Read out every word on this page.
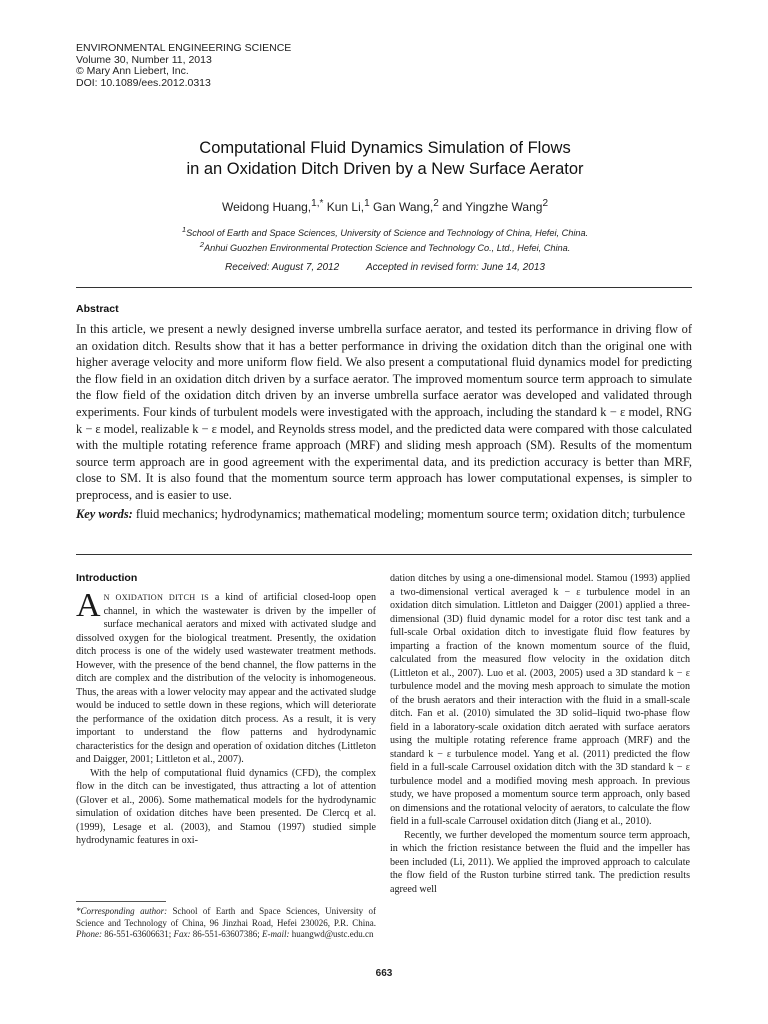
ENVIRONMENTAL ENGINEERING SCIENCE
Volume 30, Number 11, 2013
© Mary Ann Liebert, Inc.
DOI: 10.1089/ees.2012.0313
Computational Fluid Dynamics Simulation of Flows
in an Oxidation Ditch Driven by a New Surface Aerator
Weidong Huang,$^{1,*}$ Kun Li,$^1$ Gan Wang,$^2$ and Yingzhe Wang$^2$
$^1$School of Earth and Space Sciences, University of Science and Technology of China, Hefei, China.
$^2$Anhui Guozhen Environmental Protection Science and Technology Co., Ltd., Hefei, China.
Received: August 7, 2012	Accepted in revised form: June 14, 2013
Abstract
In this article, we present a newly designed inverse umbrella surface aerator, and tested its performance in driving flow of an oxidation ditch. Results show that it has a better performance in driving the oxidation ditch than the original one with higher average velocity and more uniform flow field. We also present a computational fluid dynamics model for predicting the flow field in an oxidation ditch driven by a surface aerator. The improved momentum source term approach to simulate the flow field of the oxidation ditch driven by an inverse umbrella surface aerator was developed and validated through experiments. Four kinds of turbulent models were investigated with the approach, including the standard k − ε model, RNG k − ε model, realizable k − ε model, and Reynolds stress model, and the predicted data were compared with those calculated with the multiple rotating reference frame approach (MRF) and sliding mesh approach (SM). Results of the momentum source term approach are in good agreement with the experimental data, and its prediction accuracy is better than MRF, close to SM. It is also found that the momentum source term approach has lower computational expenses, is simpler to preprocess, and is easier to use.
Key words: fluid mechanics; hydrodynamics; mathematical modeling; momentum source term; oxidation ditch; turbulence
Introduction

A N OXIDATION DITCH IS a kind of artificial closed-loop open channel, in which the wastewater is driven by the impeller of surface mechanical aerators and mixed with activated sludge and dissolved oxygen for the biological treatment. Presently, the oxidation ditch process is one of the widely used wastewater treatment methods. However, with the presence of the bend channel, the flow patterns in the ditch are complex and the distribution of the velocity is inhomogeneous. Thus, the areas with a lower velocity may appear and the activated sludge would be induced to settle down in these regions, which will deteriorate the performance of the oxidation ditch process. As a result, it is very important to understand the flow patterns and hydrodynamic characteristics for the design and operation of oxidation ditches (Littleton and Daigger, 2001; Littleton et al., 2007).

With the help of computational fluid dynamics (CFD), the complex flow in the ditch can be investigated, thus attracting a lot of attention (Glover et al., 2006). Some mathematical models for the hydrodynamic simulation of oxidation ditches have been presented. De Clercq et al. (1999), Lesage et al. (2003), and Stamou (1997) studied simple hydrodynamic features in oxi-

dation ditches by using a one-dimensional model. Stamou (1993) applied a two-dimensional vertical averaged k − ε turbulence model in an oxidation ditch simulation. Littleton and Daigger (2001) applied a three-dimensional (3D) fluid dynamic model for a rotor disc test tank and a full-scale Orbal oxidation ditch to investigate fluid flow features by imparting a fraction of the known momentum source of the fluid, calculated from the measured flow velocity in the oxidation ditch (Littleton et al., 2007). Luo et al. (2003, 2005) used a 3D standard k − ε turbulence model and the moving mesh approach to simulate the motion of the brush aerators and their interaction with the fluid in a small-scale ditch. Fan et al. (2010) simulated the 3D solid–liquid two-phase flow field in a laboratory-scale oxidation ditch aerated with surface aerators using the multiple rotating reference frame approach (MRF) and the standard k − ε turbulence model. Yang et al. (2011) predicted the flow field in a full-scale Carrousel oxidation ditch with the 3D standard k − ε turbulence model and a modified moving mesh approach. In previous study, we have proposed a momentum source term approach, only based on dimensions and the rotational velocity of aerators, to calculate the flow field in a full-scale Carrousel oxidation ditch (Jiang et al., 2010).

Recently, we further developed the momentum source term approach, in which the friction resistance between the fluid and the impeller has been included (Li, 2011). We applied the improved approach to calculate the flow field of the Ruston turbine stirred tank. The prediction results agreed well

*Corresponding author: School of Earth and Space Sciences, University of Science and Technology of China, 96 Jinzhai Road, Hefei 230026, P.R. China. Phone: 86-551-63606631; Fax: 86-551-63607386; E-mail: huangwd@ustc.edu.cn
663
